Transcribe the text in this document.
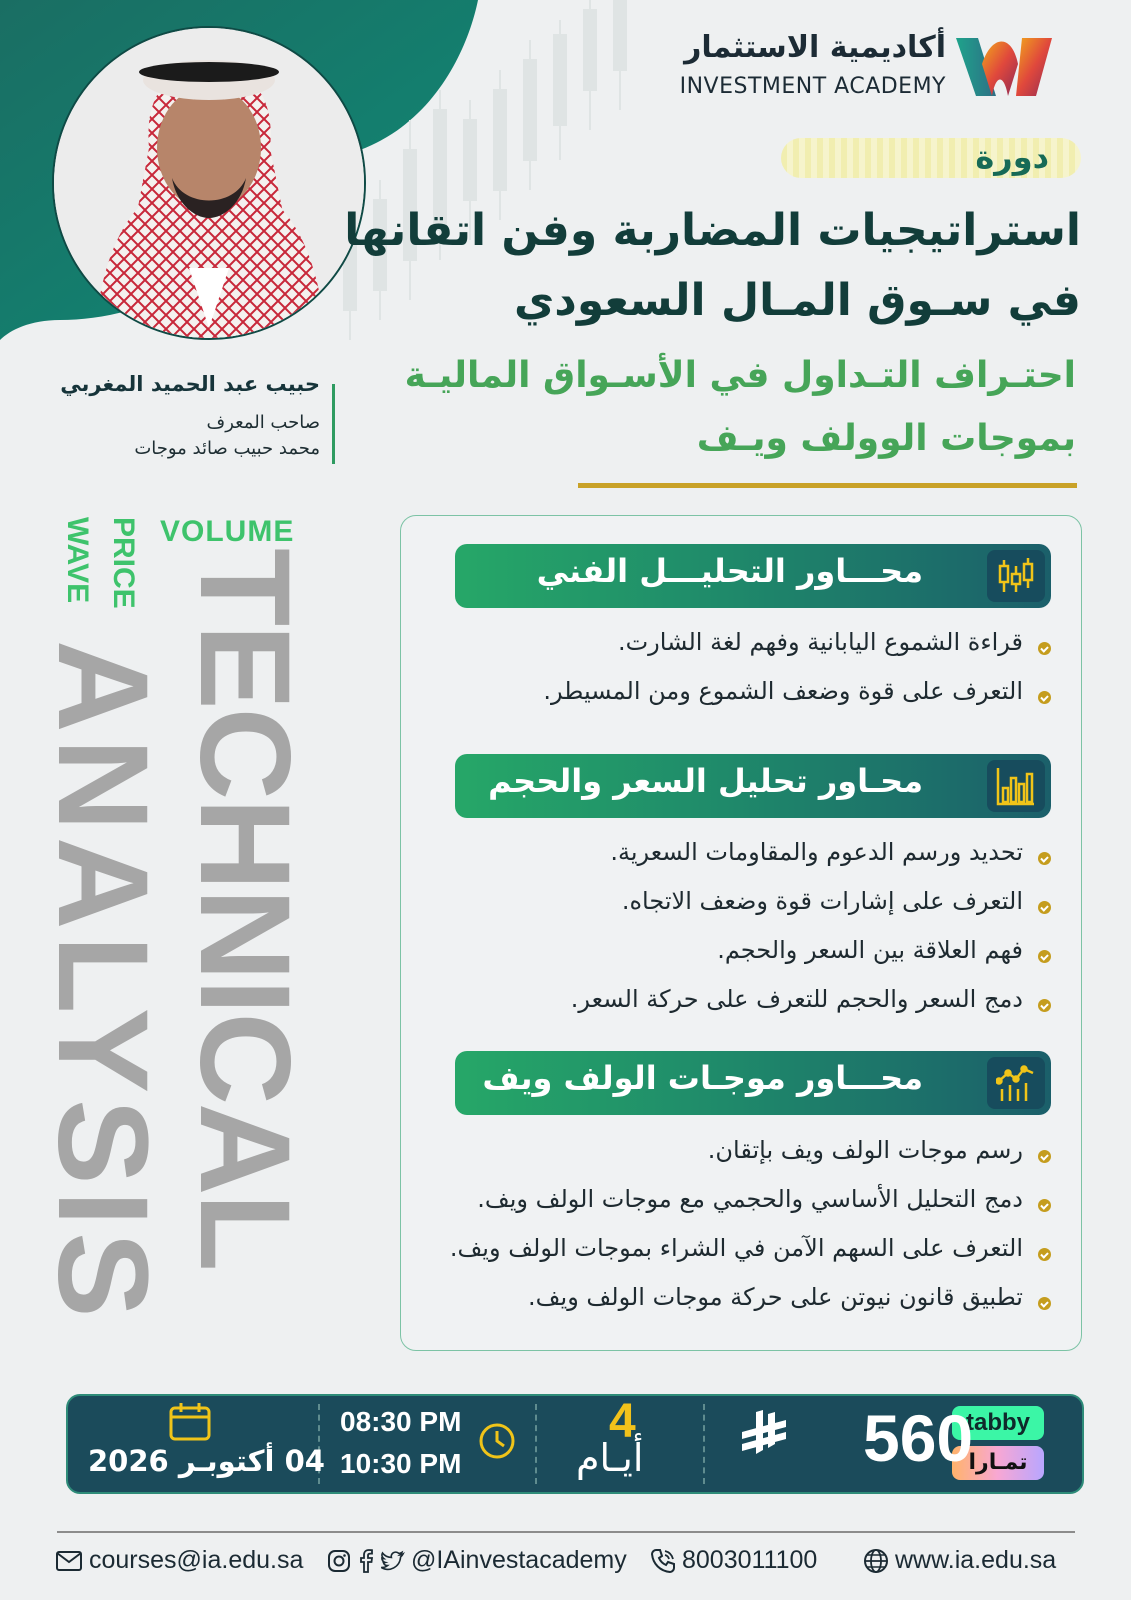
أكاديمية الاستثمار
INVESTMENT ACADEMY
دورة
استراتيجيات المضاربة وفن اتقانها
في سـوق المـال السعودي
احتـراف التـداول في الأسـواق الماليـة
بموجات الوولف ويـف
حبيب عبد الحميد المغربي
صاحب المعرف
محمد حبيب صائد موجات
VOLUME
PRICE
WAVE TECHNICAL
ANALYSIS
محـــاور التحليـــل الفني
قراءة الشموع اليابانية وفهم لغة الشارت.
التعرف على قوة وضعف الشموع ومن المسيطر.
محـاور تحليل السعر والحجم
تحديد ورسم الدعوم والمقاومات السعرية.
التعرف على إشارات قوة وضعف الاتجاه.
فهم العلاقة بين السعر والحجم.
دمج السعر والحجم للتعرف على حركة السعر.
محـــاور موجـات الولف ويف
رسم موجات الولف ويف بإتقان.
دمج التحليل الأساسي والحجمي مع موجات الولف ويف.
التعرف على السهم الآمن في الشراء بموجات الولف ويف.
تطبيق قانون نيوتن على حركة موجات الولف ويف.
tabby
تمـارا
560
4
أيـام
08:30 PM
10:30 PM
04 أكتوبـر 2026
courses@ia.edu.sa	@IAinvestacademy 8003011100	www.ia.edu.sa
